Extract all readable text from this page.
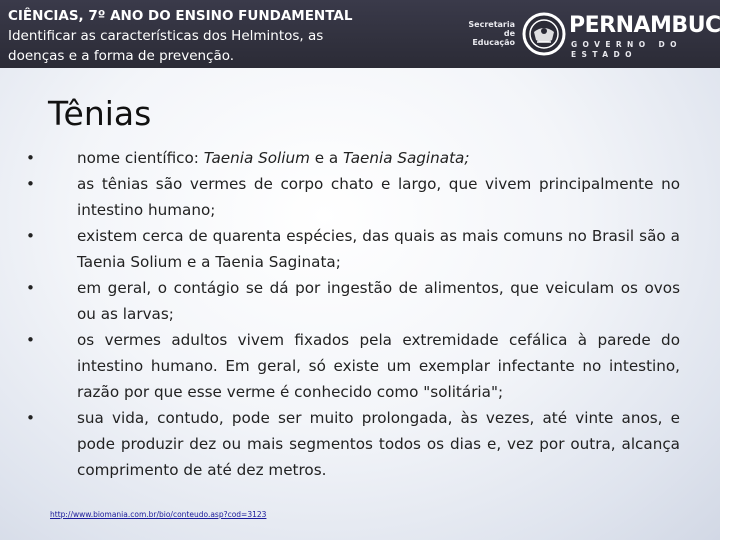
CIÊNCIAS, 7º ANO DO ENSINO FUNDAMENTAL
Identificar as características dos Helmintos, as
doenças e a forma de prevenção.
Secretaria de
Educação
PERNAMBUCO
GOVERNO DO ESTADO
Tênias
• nome científico: Taenia Solium e a Taenia Saginata;
• as tênias são vermes de corpo chato e largo, que vivem principalmente no intestino humano;
• existem cerca de quarenta espécies, das quais as mais comuns no Brasil são a Taenia Solium e a Taenia Saginata;
• em geral, o contágio se dá por ingestão de alimentos, que veiculam os ovos ou as larvas;
• os vermes adultos vivem fixados pela extremidade cefálica à parede do intestino humano. Em geral, só existe um exemplar infectante no intestino, razão por que esse verme é conhecido como "solitária";
• sua vida, contudo, pode ser muito prolongada, às vezes, até vinte anos, e pode produzir dez ou mais segmentos todos os dias e, vez por outra, alcança comprimento de até dez metros.
http://www.biomania.com.br/bio/conteudo.asp?cod=3123
